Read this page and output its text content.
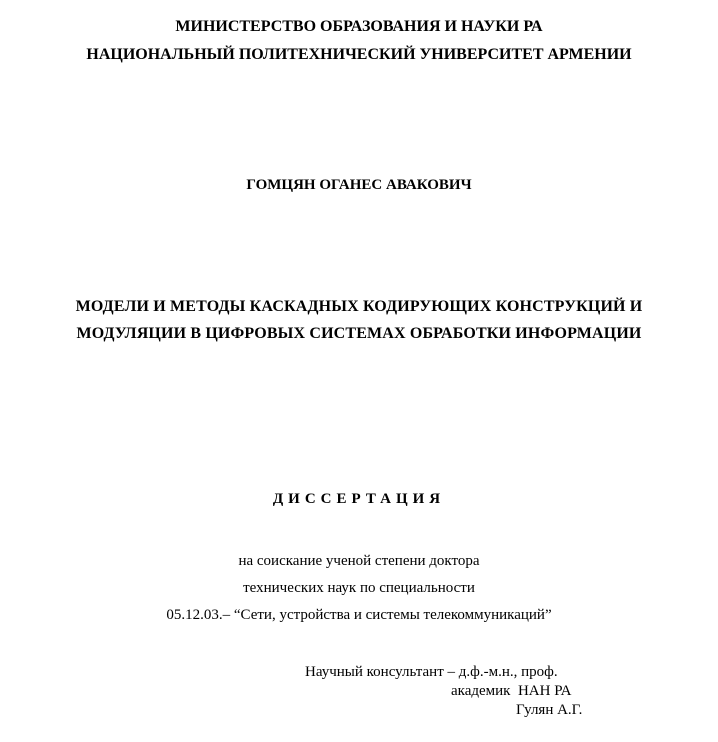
МИНИСТЕРСТВО ОБРАЗОВАНИЯ И НАУКИ РА
НАЦИОНАЛЬНЫЙ ПОЛИТЕХНИЧЕСКИЙ УНИВЕРСИТЕТ АРМЕНИИ
ГОМЦЯН ОГАНЕС АВАКОВИЧ
МОДЕЛИ И МЕТОДЫ КАСКАДНЫХ КОДИРУЮЩИХ КОНСТРУКЦИЙ И
МОДУЛЯЦИИ В ЦИФРОВЫХ СИСТЕМАХ ОБРАБОТКИ ИНФОРМАЦИИ
ДИССЕРТАЦИЯ
на соискание ученой степени доктора
технических наук по специальности
05.12.03.– “Сети, устройства и системы телекоммуникаций”
Научный консультант – д.ф.-м.н., проф.
академик  НАН РА
Гулян А.Г.
